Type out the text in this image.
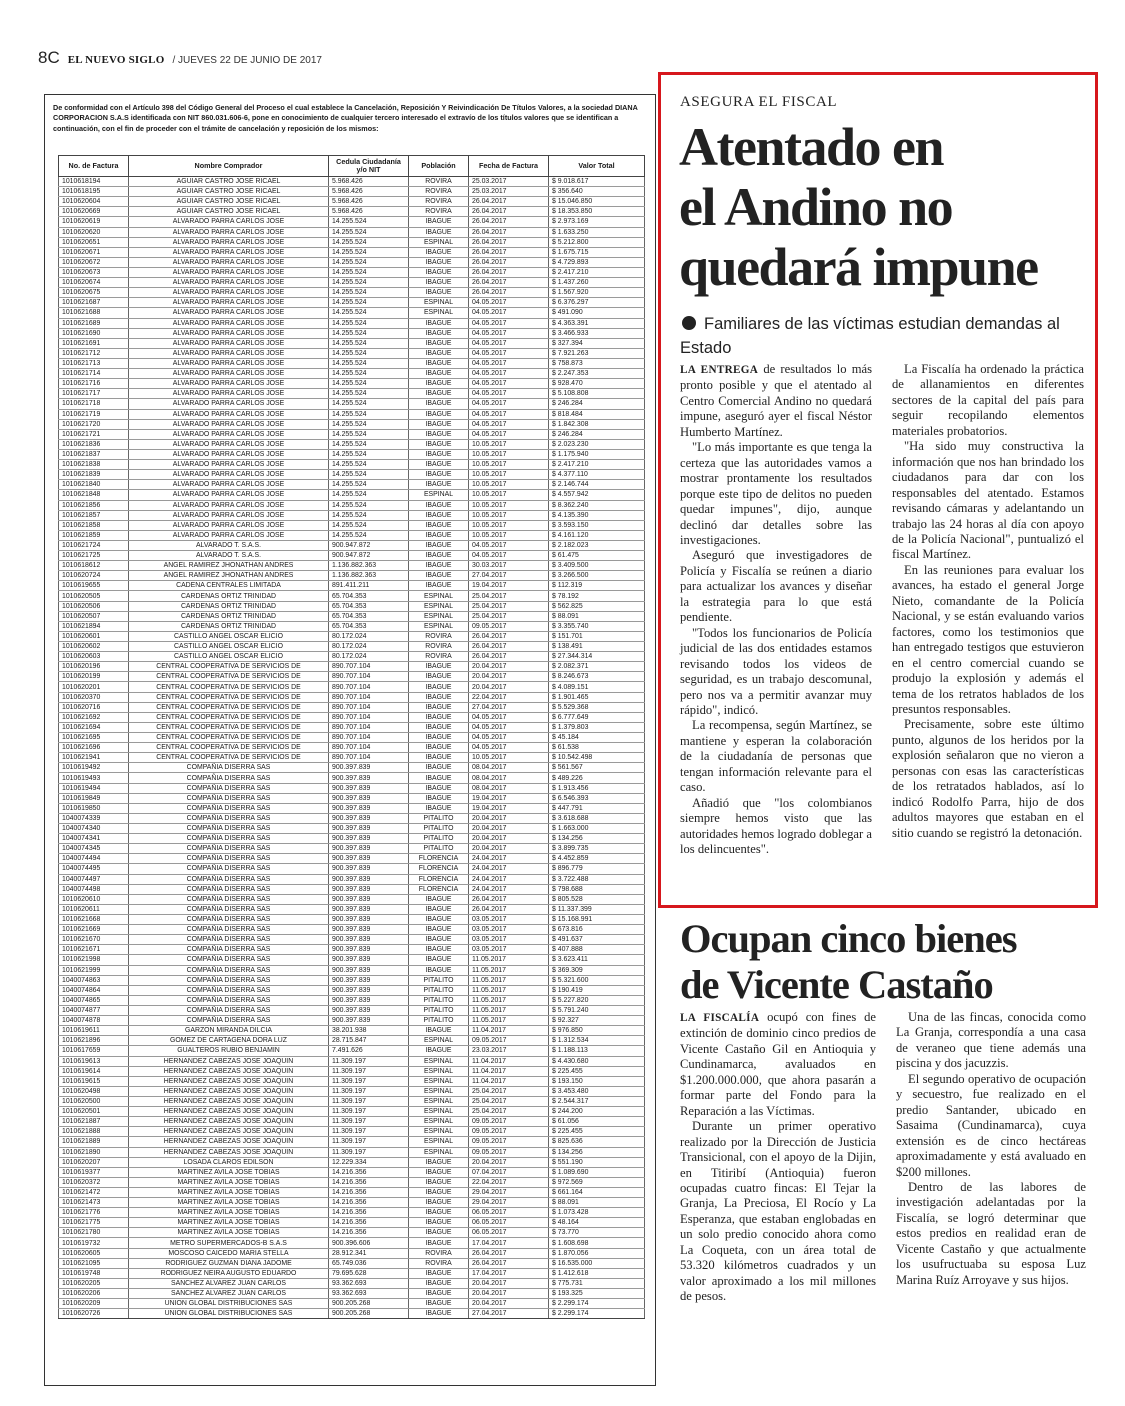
8C EL NUEVO SIGLO / JUEVES 22 DE JUNIO DE 2017
De conformidad con el Artículo 398 del Código General del Proceso el cual establece la Cancelación, Reposición Y Reivindicación De Títulos Valores, a la sociedad DIANA CORPORACION S.A.S identificada con NIT 860.031.606-6, pone en conocimiento de cualquier tercero interesado el extravío de los títulos valores que se identifican a continuación, con el fin de proceder con el trámite de cancelación y reposición de los mismos:
No. de Factura	Nombre Comprador	Cedula Ciudadanía y/o NIT	Población	Fecha de Factura	Valor Total
1010618194	AGUIAR CASTRO JOSE RICAEL	5.968.426	ROVIRA	25.03.2017	$ 9.018.617
1010618195	AGUIAR CASTRO JOSE RICAEL	5.968.426	ROVIRA	25.03.2017	$ 356.640
1010620604	AGUIAR CASTRO JOSE RICAEL	5.968.426	ROVIRA	26.04.2017	$ 15.046.850
1010620669	AGUIAR CASTRO JOSE RICAEL	5.968.426	ROVIRA	26.04.2017	$ 18.353.850
1010620619	ALVARADO PARRA CARLOS JOSE	14.255.524	IBAGUE	26.04.2017	$ 2.973.169
1010620620	ALVARADO PARRA CARLOS JOSE	14.255.524	IBAGUE	26.04.2017	$ 1.633.250
1010620651	ALVARADO PARRA CARLOS JOSE	14.255.524	ESPINAL	26.04.2017	$ 5.212.800
1010620671	ALVARADO PARRA CARLOS JOSE	14.255.524	IBAGUE	26.04.2017	$ 1.675.715
1010620672	ALVARADO PARRA CARLOS JOSE	14.255.524	IBAGUE	26.04.2017	$ 4.729.893
1010620673	ALVARADO PARRA CARLOS JOSE	14.255.524	IBAGUE	26.04.2017	$ 2.417.210
1010620674	ALVARADO PARRA CARLOS JOSE	14.255.524	IBAGUE	26.04.2017	$ 1.437.260
1010620675	ALVARADO PARRA CARLOS JOSE	14.255.524	IBAGUE	26.04.2017	$ 1.567.920
1010621687	ALVARADO PARRA CARLOS JOSE	14.255.524	ESPINAL	04.05.2017	$ 6.376.297
1010621688	ALVARADO PARRA CARLOS JOSE	14.255.524	ESPINAL	04.05.2017	$ 491.090
1010621689	ALVARADO PARRA CARLOS JOSE	14.255.524	IBAGUE	04.05.2017	$ 4.363.391
1010621690	ALVARADO PARRA CARLOS JOSE	14.255.524	IBAGUE	04.05.2017	$ 3.466.933
1010621691	ALVARADO PARRA CARLOS JOSE	14.255.524	IBAGUE	04.05.2017	$ 327.394
1010621712	ALVARADO PARRA CARLOS JOSE	14.255.524	IBAGUE	04.05.2017	$ 7.921.263
1010621713	ALVARADO PARRA CARLOS JOSE	14.255.524	IBAGUE	04.05.2017	$ 758.873
1010621714	ALVARADO PARRA CARLOS JOSE	14.255.524	IBAGUE	04.05.2017	$ 2.247.353
1010621716	ALVARADO PARRA CARLOS JOSE	14.255.524	IBAGUE	04.05.2017	$ 928.470
1010621717	ALVARADO PARRA CARLOS JOSE	14.255.524	IBAGUE	04.05.2017	$ 5.108.808
1010621718	ALVARADO PARRA CARLOS JOSE	14.255.524	IBAGUE	04.05.2017	$ 246.284
1010621719	ALVARADO PARRA CARLOS JOSE	14.255.524	IBAGUE	04.05.2017	$ 818.484
1010621720	ALVARADO PARRA CARLOS JOSE	14.255.524	IBAGUE	04.05.2017	$ 1.842.308
1010621721	ALVARADO PARRA CARLOS JOSE	14.255.524	IBAGUE	04.05.2017	$ 246.284
1010621836	ALVARADO PARRA CARLOS JOSE	14.255.524	IBAGUE	10.05.2017	$ 2.023.230
1010621837	ALVARADO PARRA CARLOS JOSE	14.255.524	IBAGUE	10.05.2017	$ 1.175.940
1010621838	ALVARADO PARRA CARLOS JOSE	14.255.524	IBAGUE	10.05.2017	$ 2.417.210
1010621839	ALVARADO PARRA CARLOS JOSE	14.255.524	IBAGUE	10.05.2017	$ 4.377.110
1010621840	ALVARADO PARRA CARLOS JOSE	14.255.524	IBAGUE	10.05.2017	$ 2.146.744
1010621848	ALVARADO PARRA CARLOS JOSE	14.255.524	ESPINAL	10.05.2017	$ 4.557.942
1010621856	ALVARADO PARRA CARLOS JOSE	14.255.524	IBAGUE	10.05.2017	$ 8.362.240
1010621857	ALVARADO PARRA CARLOS JOSE	14.255.524	IBAGUE	10.05.2017	$ 4.135.390
1010621858	ALVARADO PARRA CARLOS JOSE	14.255.524	IBAGUE	10.05.2017	$ 3.593.150
1010621859	ALVARADO PARRA CARLOS JOSE	14.255.524	IBAGUE	10.05.2017	$ 4.161.120
1010621724	ALVARADO T. S.A.S.	900.947.872	IBAGUE	04.05.2017	$ 2.182.023
1010621725	ALVARADO T. S.A.S.	900.947.872	IBAGUE	04.05.2017	$ 61.475
1010618612	ANGEL RAMIREZ JHONATHAN ANDRES	1.136.882.363	IBAGUE	30.03.2017	$ 3.409.500
1010620724	ANGEL RAMIREZ JHONATHAN ANDRES	1.136.882.363	IBAGUE	27.04.2017	$ 3.266.500
1010619655	CADENA CENTRALES LIMITADA	891.411.211	IBAGUE	19.04.2017	$ 112.319
1010620505	CARDENAS ORTIZ TRINIDAD	65.704.353	ESPINAL	25.04.2017	$ 78.192
1010620506	CARDENAS ORTIZ TRINIDAD	65.704.353	ESPINAL	25.04.2017	$ 562.825
1010620507	CARDENAS ORTIZ TRINIDAD	65.704.353	ESPINAL	25.04.2017	$ 88.091
1010621894	CARDENAS ORTIZ TRINIDAD	65.704.353	ESPINAL	09.05.2017	$ 3.355.740
1010620601	CASTILLO ANGEL OSCAR ELICIO	80.172.024	ROVIRA	26.04.2017	$ 151.701
1010620602	CASTILLO ANGEL OSCAR ELICIO	80.172.024	ROVIRA	26.04.2017	$ 138.491
1010620603	CASTILLO ANGEL OSCAR ELICIO	80.172.024	ROVIRA	26.04.2017	$ 27.344.314
1010620196	CENTRAL COOPERATIVA DE SERVICIOS DE	890.707.104	IBAGUE	20.04.2017	$ 2.082.371
1010620199	CENTRAL COOPERATIVA DE SERVICIOS DE	890.707.104	IBAGUE	20.04.2017	$ 8.246.673
1010620201	CENTRAL COOPERATIVA DE SERVICIOS DE	890.707.104	IBAGUE	20.04.2017	$ 4.089.151
1010620370	CENTRAL COOPERATIVA DE SERVICIOS DE	890.707.104	IBAGUE	22.04.2017	$ 1.901.465
1010620716	CENTRAL COOPERATIVA DE SERVICIOS DE	890.707.104	IBAGUE	27.04.2017	$ 5.529.368
1010621692	CENTRAL COOPERATIVA DE SERVICIOS DE	890.707.104	IBAGUE	04.05.2017	$ 6.777.649
1010621694	CENTRAL COOPERATIVA DE SERVICIOS DE	890.707.104	IBAGUE	04.05.2017	$ 1.379.803
1010621695	CENTRAL COOPERATIVA DE SERVICIOS DE	890.707.104	IBAGUE	04.05.2017	$ 45.184
1010621696	CENTRAL COOPERATIVA DE SERVICIOS DE	890.707.104	IBAGUE	04.05.2017	$ 61.538
1010621941	CENTRAL COOPERATIVA DE SERVICIOS DE	890.707.104	IBAGUE	10.05.2017	$ 10.542.498
1010619492	COMPAÑIA DISERRA SAS	900.397.839	IBAGUE	08.04.2017	$ 561.567
1010619493	COMPAÑIA DISERRA SAS	900.397.839	IBAGUE	08.04.2017	$ 489.226
1010619494	COMPAÑIA DISERRA SAS	900.397.839	IBAGUE	08.04.2017	$ 1.913.456
1010619849	COMPAÑIA DISERRA SAS	900.397.839	IBAGUE	19.04.2017	$ 6.546.393
1010619850	COMPAÑIA DISERRA SAS	900.397.839	IBAGUE	19.04.2017	$ 447.791
1040074339	COMPAÑIA DISERRA SAS	900.397.839	PITALITO	20.04.2017	$ 3.618.688
1040074340	COMPAÑIA DISERRA SAS	900.397.839	PITALITO	20.04.2017	$ 1.663.000
1040074341	COMPAÑIA DISERRA SAS	900.397.839	PITALITO	20.04.2017	$ 134.256
1040074345	COMPAÑIA DISERRA SAS	900.397.839	PITALITO	20.04.2017	$ 3.899.735
1040074494	COMPAÑIA DISERRA SAS	900.397.839	FLORENCIA	24.04.2017	$ 4.452.859
1040074495	COMPAÑIA DISERRA SAS	900.397.839	FLORENCIA	24.04.2017	$ 896.779
1040074497	COMPAÑIA DISERRA SAS	900.397.839	FLORENCIA	24.04.2017	$ 3.722.488
1040074498	COMPAÑIA DISERRA SAS	900.397.839	FLORENCIA	24.04.2017	$ 798.688
1010620610	COMPAÑIA DISERRA SAS	900.397.839	IBAGUE	26.04.2017	$ 805.528
1010620611	COMPAÑIA DISERRA SAS	900.397.839	IBAGUE	26.04.2017	$ 11.337.399
1010621668	COMPAÑIA DISERRA SAS	900.397.839	IBAGUE	03.05.2017	$ 15.168.991
1010621669	COMPAÑIA DISERRA SAS	900.397.839	IBAGUE	03.05.2017	$ 673.816
1010621670	COMPAÑIA DISERRA SAS	900.397.839	IBAGUE	03.05.2017	$ 491.637
1010621671	COMPAÑIA DISERRA SAS	900.397.839	IBAGUE	03.05.2017	$ 407.888
1010621998	COMPAÑIA DISERRA SAS	900.397.839	IBAGUE	11.05.2017	$ 3.623.411
1010621999	COMPAÑIA DISERRA SAS	900.397.839	IBAGUE	11.05.2017	$ 369.309
1040074863	COMPAÑIA DISERRA SAS	900.397.839	PITALITO	11.05.2017	$ 5.321.600
1040074864	COMPAÑIA DISERRA SAS	900.397.839	PITALITO	11.05.2017	$ 190.419
1040074865	COMPAÑIA DISERRA SAS	900.397.839	PITALITO	11.05.2017	$ 5.227.820
1040074877	COMPAÑIA DISERRA SAS	900.397.839	PITALITO	11.05.2017	$ 5.791.240
1040074878	COMPAÑIA DISERRA SAS	900.397.839	PITALITO	11.05.2017	$ 92.327
1010619611	GARZON MIRANDA DILCIA	38.201.938	IBAGUE	11.04.2017	$ 976.850
1010621896	GOMEZ DE CARTAGENA DORA LUZ	28.715.847	ESPINAL	09.05.2017	$ 1.312.534
1010617659	GUALTEROS RUBIO BENJAMIN	7.491.626	IBAGUE	23.03.2017	$ 1.188.113
1010619613	HERNANDEZ CABEZAS JOSE JOAQUIN	11.309.197	ESPINAL	11.04.2017	$ 4.430.680
1010619614	HERNANDEZ CABEZAS JOSE JOAQUIN	11.309.197	ESPINAL	11.04.2017	$ 225.455
1010619615	HERNANDEZ CABEZAS JOSE JOAQUIN	11.309.197	ESPINAL	11.04.2017	$ 193.150
1010620498	HERNANDEZ CABEZAS JOSE JOAQUIN	11.309.197	ESPINAL	25.04.2017	$ 3.453.480
1010620500	HERNANDEZ CABEZAS JOSE JOAQUIN	11.309.197	ESPINAL	25.04.2017	$ 2.544.317
1010620501	HERNANDEZ CABEZAS JOSE JOAQUIN	11.309.197	ESPINAL	25.04.2017	$ 244.200
1010621887	HERNANDEZ CABEZAS JOSE JOAQUIN	11.309.197	ESPINAL	09.05.2017	$ 61.056
1010621888	HERNANDEZ CABEZAS JOSE JOAQUIN	11.309.197	ESPINAL	09.05.2017	$ 225.455
1010621889	HERNANDEZ CABEZAS JOSE JOAQUIN	11.309.197	ESPINAL	09.05.2017	$ 825.636
1010621890	HERNANDEZ CABEZAS JOSE JOAQUIN	11.309.197	ESPINAL	09.05.2017	$ 134.256
1010620207	LOSADA CLAROS EDILSON	12.229.334	IBAGUE	20.04.2017	$ 551.190
1010619377	MARTINEZ AVILA JOSE TOBIAS	14.216.356	IBAGUE	07.04.2017	$ 1.089.690
1010620372	MARTINEZ AVILA JOSE TOBIAS	14.216.356	IBAGUE	22.04.2017	$ 972.569
1010621472	MARTINEZ AVILA JOSE TOBIAS	14.216.356	IBAGUE	29.04.2017	$ 661.164
1010621473	MARTINEZ AVILA JOSE TOBIAS	14.216.356	IBAGUE	29.04.2017	$ 88.091
1010621776	MARTINEZ AVILA JOSE TOBIAS	14.216.356	IBAGUE	06.05.2017	$ 1.073.428
1010621775	MARTINEZ AVILA JOSE TOBIAS	14.216.356	IBAGUE	06.05.2017	$ 48.164
1010621780	MARTINEZ AVILA JOSE TOBIAS	14.216.356	IBAGUE	06.05.2017	$ 73.770
1010619732	METRO SUPERMERCADOS-B S.A.S	900.396.606	IBAGUE	17.04.2017	$ 1.608.698
1010620605	MOSCOSO CAICEDO MARIA STELLA	28.912.341	ROVIRA	26.04.2017	$ 1.870.056
1010621095	RODRIGUEZ GUZMAN DIANA JADOME	65.749.036	ROVIRA	26.04.2017	$ 16.535.000
1010619748	RODRIGUEZ NEIRA AUGUSTO EDUARDO	79.695.628	IBAGUE	17.04.2017	$ 1.412.618
1010620205	SANCHEZ ALVAREZ JUAN CARLOS	93.362.693	IBAGUE	20.04.2017	$ 775.731
1010620206	SANCHEZ ALVAREZ JUAN CARLOS	93.362.693	IBAGUE	20.04.2017	$ 193.325
1010620209	UNION GLOBAL DISTRIBUCIONES SAS	900.205.268	IBAGUE	20.04.2017	$ 2.299.174
1010620726	UNION GLOBAL DISTRIBUCIONES SAS	900.205.268	IBAGUE	27.04.2017	$ 2.299.174
ASEGURA EL FISCAL
Atentado en
el Andino no
quedará impune
Familiares de las víctimas estudian demandas al Estado

LA ENTREGA de resultados lo más pronto posible y que el atentado al Centro Comercial Andino no quedará impune, aseguró ayer el fiscal Néstor Humberto Martínez.

"Lo más importante es que tenga la certeza que las autoridades vamos a mostrar prontamente los resultados porque este tipo de delitos no pueden quedar impunes", dijo, aunque declinó dar detalles sobre las investigaciones.

Aseguró que investigadores de Policía y Fiscalía se reúnen a diario para actualizar los avances y diseñar la estrategia para lo que está pendiente.

"Todos los funcionarios de Policía judicial de las dos entidades estamos revisando todos los videos de seguridad, es un trabajo descomunal, pero nos va a permitir avanzar muy rápido", indicó.

La recompensa, según Martínez, se mantiene y esperan la colaboración de la ciudadanía de personas que tengan información relevante para el caso.

Añadió que "los colombianos siempre hemos visto que las autoridades hemos logrado doblegar a los delincuentes".

La Fiscalía ha ordenado la práctica de allanamientos en diferentes sectores de la capital del país para seguir recopilando elementos materiales probatorios.

"Ha sido muy constructiva la información que nos han brindado los ciudadanos para dar con los responsables del atentado. Estamos revisando cámaras y adelantando un trabajo las 24 horas al día con apoyo de la Policía Nacional", puntualizó el fiscal Martínez.

En las reuniones para evaluar los avances, ha estado el general Jorge Nieto, comandante de la Policía Nacional, y se están evaluando varios factores, como los testimonios que han entregado testigos que estuvieron en el centro comercial cuando se produjo la explosión y además el tema de los retratos hablados de los presuntos responsables.

Precisamente, sobre este último punto, algunos de los heridos por la explosión señalaron que no vieron a personas con esas las características de los retratados hablados, así lo indicó Rodolfo Parra, hijo de dos adultos mayores que estaban en el sitio cuando se registró la detonación.

Ocupan cinco bienes
de Vicente Castaño

LA FISCALÍA ocupó con fines de extinción de dominio cinco predios de Vicente Castaño Gil en Antioquia y Cundinamarca, avaluados en $1.200.000.000, que ahora pasarán a formar parte del Fondo para la Reparación a las Víctimas.

Durante un primer operativo realizado por la Dirección de Justicia Transicional, con el apoyo de la Dijin, en Titiribí (Antioquia) fueron ocupadas cuatro fincas: El Tejar la Granja, La Preciosa, El Rocío y La Esperanza, que estaban englobadas en un solo predio conocido ahora como La Coqueta, con un área total de 53.320 kilómetros cuadrados y un valor aproximado a los mil millones de pesos.

Una de las fincas, conocida como La Granja, correspondía a una casa de veraneo que tiene además una piscina y dos jacuzzis.

El segundo operativo de ocupación y secuestro, fue realizado en el predio Santander, ubicado en Sasaima (Cundinamarca), cuya extensión es de cinco hectáreas aproximadamente y está avaluado en $200 millones.

Dentro de las labores de investigación adelantadas por la Fiscalía, se logró determinar que estos predios en realidad eran de Vicente Castaño y que actualmente los usufructuaba su esposa Luz Marina Ruíz Arroyave y sus hijos.
